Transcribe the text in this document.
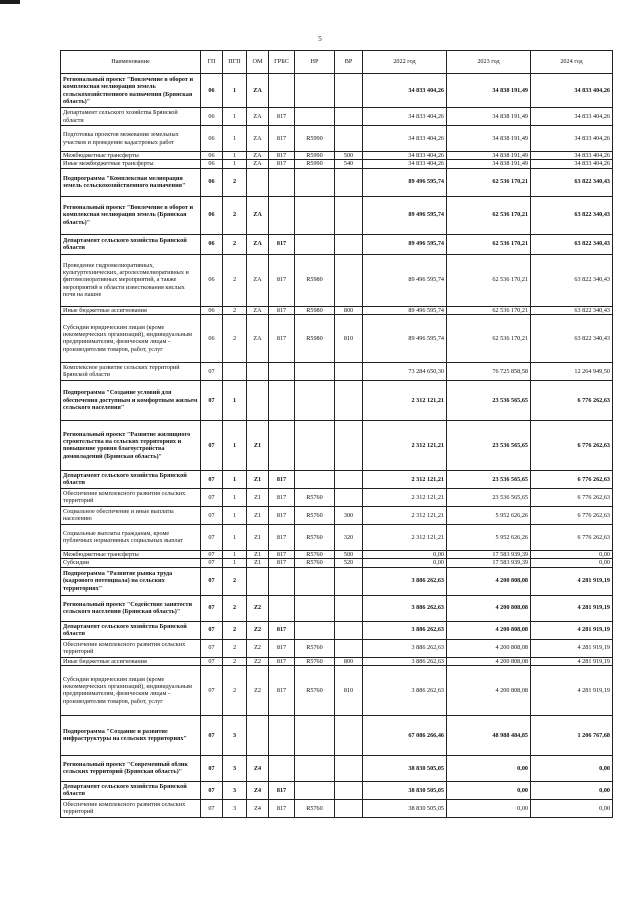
5
Наименование	ГП	ПГП	ОМ	ГРБС	НР	ВР	2022 год	2023 год	2024 год
Региональный проект "Вовлечение в оборот и комплексная мелиорация земель сельскохозяйственного назначения (Брянская область)"	06	1	ZA				34 833 404,26	34 838 191,49	34 833 404,26
Департамент сельского хозяйства Брянской области	06	1	ZA	817			34 833 404,26	34 838 191,49	34 833 404,26
Подготовка проектов межевания земельных участков и проведение кадастровых работ	06	1	ZA	817	R5990		34 833 404,26	34 838 191,49	34 833 404,26
Межбюджетные трансферты	06	1	ZA	817	R5990	500	34 833 404,26	34 838 191,49	34 833 404,26
Иные межбюджетные трансферты	06	1	ZA	817	R5990	540	34 833 404,26	34 838 191,49	34 833 404,26
Подпрограмма "Комплексная мелиорация земель сельскохозяйственного назначения"	06	2					89 496 595,74	62 536 170,21	63 822 340,43
Региональный проект "Вовлечение в оборот и комплексная мелиорация земель (Брянская область)"	06	2	ZA				89 496 595,74	62 536 170,21	63 822 340,43
Департамент сельского хозяйства Брянской области	06	2	ZA	817			89 496 595,74	62 536 170,21	63 822 340,43
Проведение гидромелиоративных, культуртехнических, агролесомелиоративных и фитомелиоративных мероприятий, а также мероприятий в области известкования кислых почв на пашне	06	2	ZA	817	R5980		89 496 595,74	62 536 170,21	63 822 340,43
Иные бюджетные ассигнования	06	2	ZA	817	R5980	800	89 496 595,74	62 536 170,21	63 822 340,43
Субсидии юридическим лицам (кроме некоммерческих организаций), индивидуальным предпринимателям, физическим лицам - производителям товаров, работ, услуг	06	2	ZA	817	R5980	810	89 496 595,74	62 536 170,21	63 822 340,43
Комплексное развитие сельских территорий Брянской области	07						73 284 650,30	76 725 858,58	12 264 949,50
Подпрограмма "Создание условий для обеспечения доступным и комфортным жильем сельского населения"	07	1					2 312 121,21	23 536 565,65	6 776 262,63
Региональный проект "Развитие жилищного строительства на сельских территориях и повышение уровня благоустройства домовладений (Брянская область)"	07	1	Z1				2 312 121,21	23 536 565,65	6 776 262,63
Департамент сельского хозяйства Брянской области	07	1	Z1	817			2 312 121,21	23 536 565,65	6 776 262,63
Обеспечение комплексного развития сельских территорий	07	1	Z1	817	R5760		2 312 121,21	23 536 565,65	6 776 262,63
Социальное обеспечение и иные выплаты населению	07	1	Z1	817	R5760	300	2 312 121,21	5 952 626,26	6 776 262,63
Социальные выплаты гражданам, кроме публичных нормативных социальных выплат	07	1	Z1	817	R5760	320	2 312 121,21	5 952 626,26	6 776 262,63
Межбюджетные трансферты	07	1	Z1	817	R5760	500	0,00	17 583 939,39	0,00
Субсидии	07	1	Z1	817	R5760	520	0,00	17 583 939,39	0,00
Подпрограмма "Развитие рынка труда (кадрового потенциала) на сельских территориях"	07	2					3 886 262,63	4 200 808,08	4 281 919,19
Региональный проект "Содействие занятости сельского населения (Брянская область)"	07	2	Z2				3 886 262,63	4 200 808,08	4 281 919,19
Департамент сельского хозяйства Брянской области	07	2	Z2	817			3 886 262,63	4 200 808,08	4 281 919,19
Обеспечение комплексного развития сельских территорий	07	2	Z2	817	R5760		3 886 262,63	4 200 808,08	4 281 919,19
Иные бюджетные ассигнования	07	2	Z2	817	R5760	800	3 886 262,63	4 200 808,08	4 281 919,19
Субсидии юридическим лицам (кроме некоммерческих организаций), индивидуальным предпринимателям, физическим лицам - производителям товаров, работ, услуг	07	2	Z2	817	R5760	810	3 886 262,63	4 200 808,08	4 281 919,19
Подпрограмма "Создание и развитие инфраструктуры на сельских территориях"	07	3					67 086 266,46	48 988 484,85	1 206 767,68
Региональный проект "Современный облик сельских территорий (Брянская область)"	07	3	Z4				38 830 505,05	0,00	0,00
Департамент сельского хозяйства Брянской области	07	3	Z4	817			38 830 505,05	0,00	0,00
Обеспечение комплексного развития сельских территорий	07	3	Z4	817	R5760		38 830 505,05	0,00	0,00
